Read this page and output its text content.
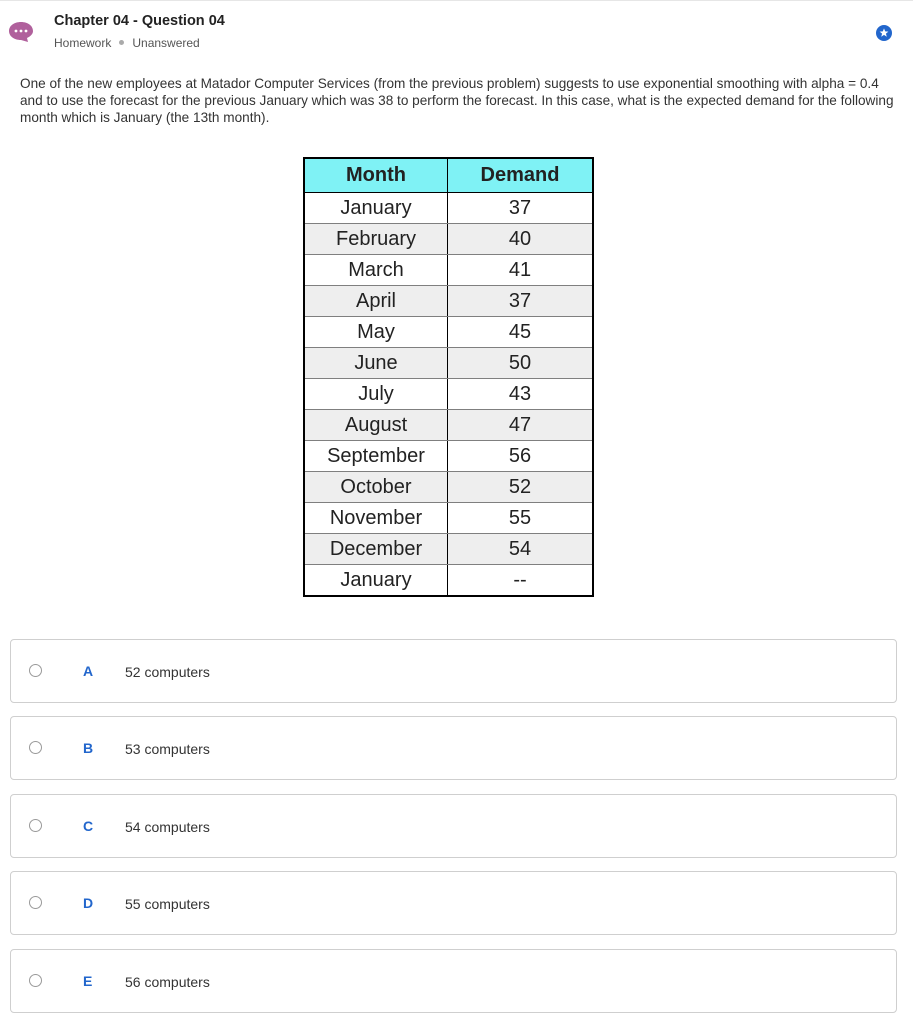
Chapter 04 - Question 04
Homework Unanswered
One of the new employees at Matador Computer Services (from the previous problem) suggests to use exponential smoothing with alpha = 0.4 and to use the forecast for the previous January which was 38 to perform the forecast. In this case, what is the expected demand for the following month which is January (the 13th month).
Month	Demand
January	37
February	40
March	41
April	37
May	45
June	50
July	43
August	47
September	56
October	52
November	55
December	54
January	--
A 52 computers
B 53 computers
C 54 computers
D 55 computers
E 56 computers
